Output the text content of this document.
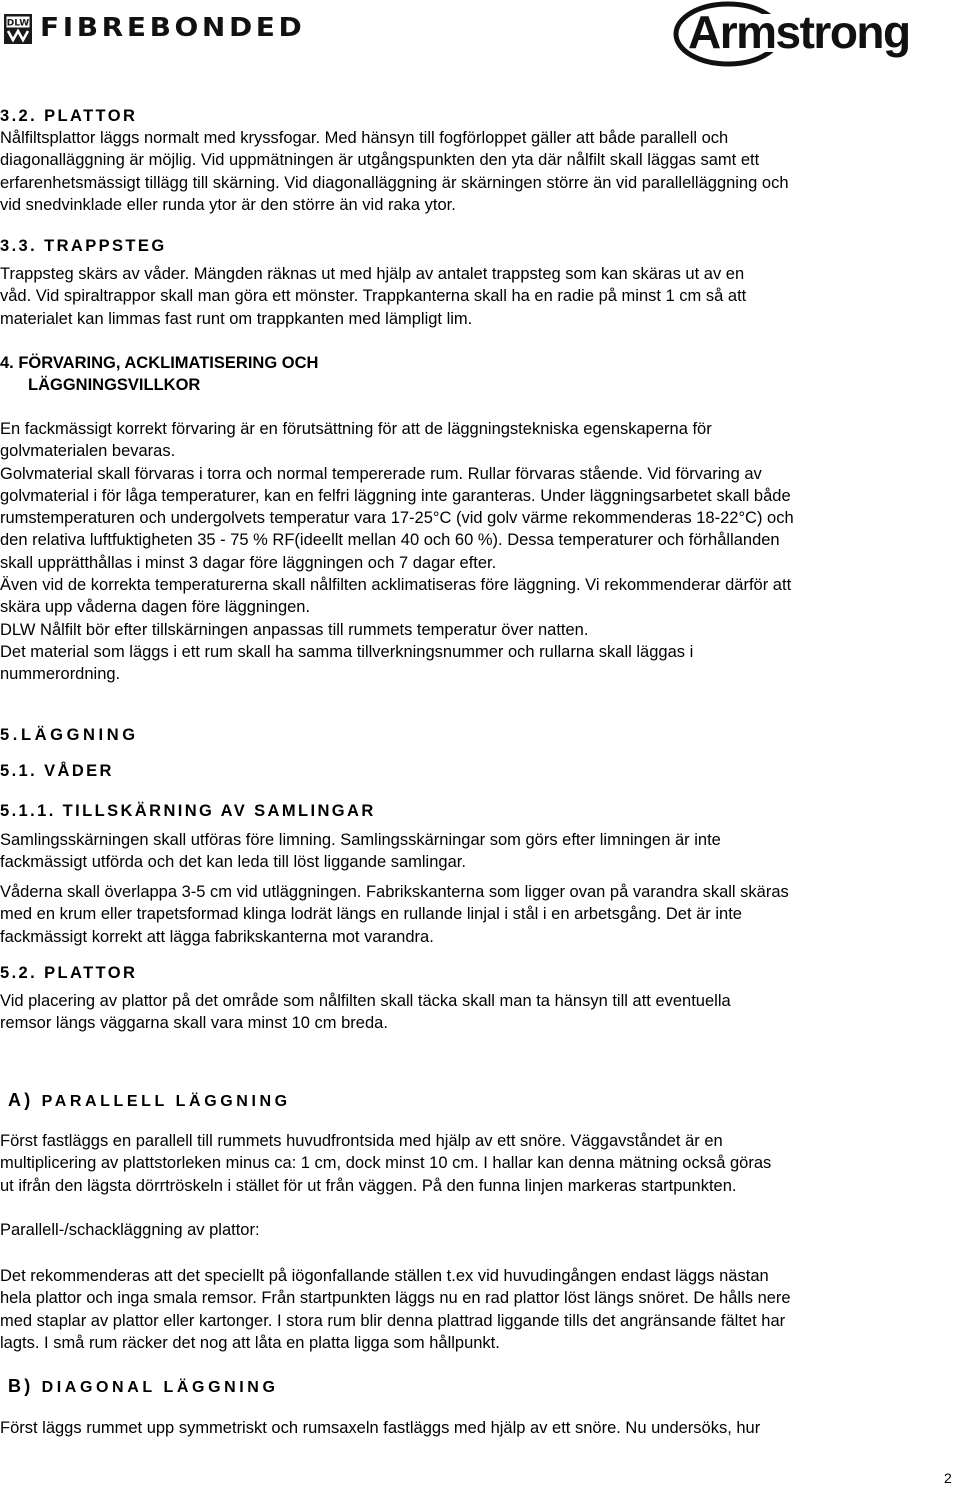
DLW FIBREBONDED	Armstrong
3.2. PLATTOR

Nålfiltsplattor läggs normalt med kryssfogar. Med hänsyn till fogförloppet gäller att både parallell och

diagonalläggning är möjlig. Vid uppmätningen är utgångspunkten den yta där nålfilt skall läggas samt ett

erfarenhetsmässigt tillägg till skärning. Vid diagonalläggning är skärningen större än vid parallelläggning och

vid snedvinklade eller runda ytor är den större än vid raka ytor.

3.3. TRAPPSTEG

Trappsteg skärs av våder. Mängden räknas ut med hjälp av antalet trappsteg som kan skäras ut av en

våd. Vid spiraltrappor skall man göra ett mönster. Trappkanterna skall ha en radie på minst 1 cm så att

materialet kan limmas fast runt om trappkanten med lämpligt lim.

4. FÖRVARING, ACKLIMATISERING OCH
LÄGGNINGSVILLKOR

En fackmässigt korrekt förvaring är en förutsättning för att de läggningstekniska egenskaperna för

golvmaterialen bevaras.

Golvmaterial skall förvaras i torra och normal tempererade rum. Rullar förvaras stående. Vid förvaring av

golvmaterial i för låga temperaturer, kan en felfri läggning inte garanteras. Under läggningsarbetet skall både

rumstemperaturen och undergolvets temperatur vara 17-25°C (vid golv värme rekommenderas 18-22°C) och

den relativa luftfuktigheten 35 - 75 % RF(ideellt mellan 40 och 60 %). Dessa temperaturer och förhållanden

skall upprätthållas i minst 3 dagar före läggningen och 7 dagar efter.

Även vid de korrekta temperaturerna skall nålfilten acklimatiseras före läggning. Vi rekommenderar därför att

skära upp våderna dagen före läggningen.

DLW Nålfilt bör efter tillskärningen anpassas till rummets temperatur över natten.

Det material som läggs i ett rum skall ha samma tillverkningsnummer och rullarna skall läggas i

nummerordning.

5.LÄGGNING
5.1. VÅDER
5.1.1. TILLSKÄRNING AV SAMLINGAR

Samlingsskärningen skall utföras före limning. Samlingsskärningar som görs efter limningen är inte

fackmässigt utförda och det kan leda till löst liggande samlingar.

Våderna skall överlappa 3-5 cm vid utläggningen. Fabrikskanterna som ligger ovan på varandra skall skäras

med en krum eller trapetsformad klinga lodrät längs en rullande linjal i stål i en arbetsgång. Det är inte

fackmässigt korrekt att lägga fabrikskanterna mot varandra.

5.2. PLATTOR

Vid placering av plattor på det område som nålfilten skall täcka skall man ta hänsyn till att eventuella

remsor längs väggarna skall vara minst 10 cm breda.

A) PARALLELL LÄGGNING

Först fastläggs en parallell till rummets huvudfrontsida med hjälp av ett snöre. Väggavståndet är en

multiplicering av plattstorleken minus ca: 1 cm, dock minst 10 cm. I hallar kan denna mätning också göras

ut ifrån den lägsta dörrtröskeln i stället för ut från väggen. På den funna linjen markeras startpunkten.

Parallell-/schackläggning av plattor:

Det rekommenderas att det speciellt på iögonfallande ställen t.ex vid huvudingången endast läggs nästan

hela plattor och inga smala remsor. Från startpunkten läggs nu en rad plattor löst längs snöret. De hålls nere

med staplar av plattor eller kartonger. I stora rum blir denna plattrad liggande tills det angränsande fältet har

lagts. I små rum räcker det nog att låta en platta ligga som hållpunkt.

B) DIAGONAL LÄGGNING

Först läggs rummet upp symmetriskt och rumsaxeln fastläggs med hjälp av ett snöre. Nu undersöks, hur

2
